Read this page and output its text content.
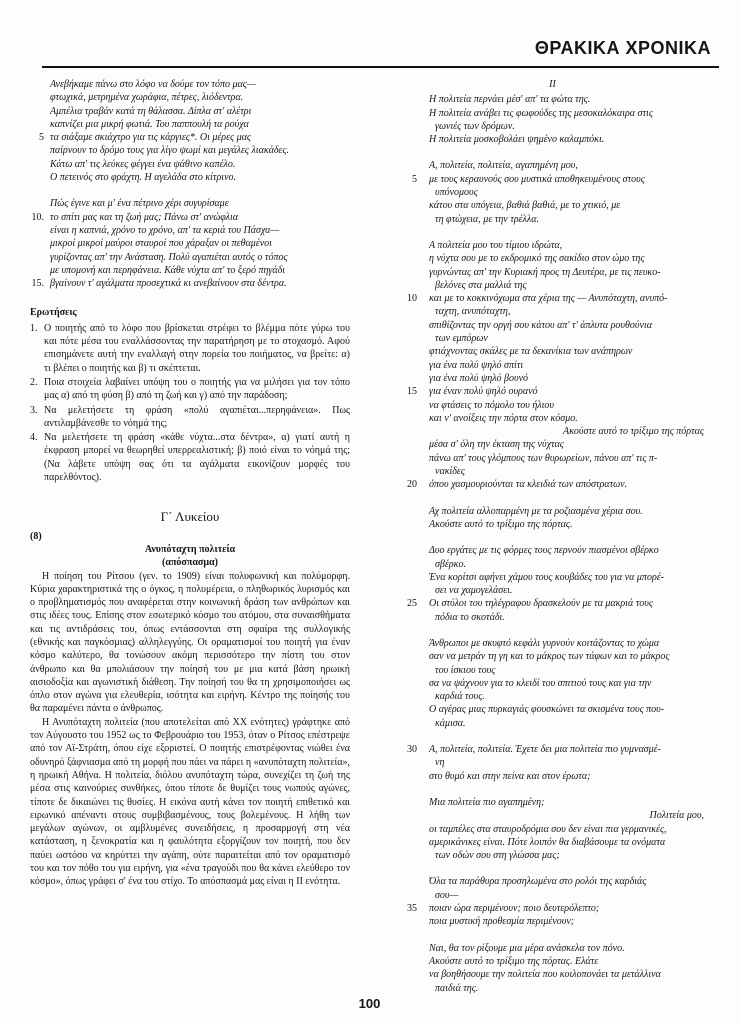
ΘΡΑΚΙΚΑ ΧΡΟΝΙΚΑ
Ανεβήκαμε πάνω στο λόφο να δούμε τον τόπο μας—
φτωχικά, μετρημένα χωράφια, πέτρες, λιόδεντρα.
Αμπέλια τραβάν κατά τη θάλασσα. Δίπλα στ' αλέτρι
καπνίζει μια μικρή φωτιά. Του παππουλή τα ρούχα
5 τα σιάξαμε σκιάχτρο για τις κάργιες*. Οι μέρες μας
παίρνουν το δρόμο τους για λίγο ψωμί και μεγάλες λιακάδες.
Κάτω απ' τις λεύκες φέγγει ένα ψάθινο καπέλο.
Ο πετεινός στο φράχτη. Η αγελάδα στο κίτρινο.
Πώς έγινε και μ' ένα πέτρινο χέρι συγυρίσαμε
10. το σπίτι μας και τη ζωή μας; Πάνω στ' ανώφλια
είναι η καπνιά, χρόνο το χρόνο, απ' τα κεριά του Πάσχα—
μικροί μικροί μαύροι σταυροί που χάραξαν οι πεθαμένοι
γυρίζοντας απ' την Ανάσταση. Πολύ αγαπιέται αυτός ο τόπος
με υπομονή και περηφάνεια. Κάθε νύχτα απ' το ξερό πηγάδι
15. βγαίνουν τ' αγάλματα προσεχτικά κι ανεβαίνουν στα δέντρα.
Ερωτήσεις
1. Ο ποιητής από το λόφο που βρίσκεται στρέφει το βλέμμα πότε γύρω του και πότε μέσα του εναλλάσσοντας την παρατήρηση με το στοχασμό. Αφού επισημάνετε αυτή την εναλλαγή στην πορεία του ποιήματος, να βρείτε: α) τι βλέπει ο ποιητής και β) τι σκέπτεται.
2. Ποια στοιχεία λαβαίνει υπόψη του ο ποιητής για να μιλήσει για τον τόπο μας α) από τη φύση β) από τη ζωή και γ) από την παράδοση;
3. Να μελετήσετε τη φράση «πολύ αγαπιέται...περηφάνεια». Πως αντιλαμβάνεσθε το νόημά της;
4. Να μελετήσετε τη φράση «κάθε νύχτα...στα δέντρα», α) γιατί αυτή η έκφραση μπορεί να θεωρηθεί υπερρεαλιστική; β) ποιό είναι το νόημά της; (Να λάβετε υπόψη σας ότι τα αγάλματα εικονίζουν μορφές του παρελθόντος).
Γ΄ Λυκείου
(8)
Ανυπόταχτη πολιτεία
(απόσπασμα)

Η ποίηση του Ρίτσου (γεν. το 1909) είναι πολυφωνική και πολύμορφη. Κύρια χαρακτηριστικά της ο όγκος, η πολυμέρεια, ο πληθωρικός λυρισμός και ο προβληματισμός που αναφέρεται στην κοινωνική δράση των ανθρώπων και στις ιδέες τους. Επίσης στον εσωτερικό κόσμο του ατόμου, στα συναισθήματα και τις αντιδράσεις του, όπως εντάσσονται στη σφαίρα της συλλογικής (εθνικής και παγκόσμιας) αλληλεγγύης. Οι οραματισμοί του ποιητή για έναν κόσμο καλύτερο, θα τονώσουν ακόμη περισσότερο την πίστη του στον άνθρωπο και θα μπολιάσουν την ποίησή του με μια κατά βάση ηρωική αισιοδοξία και αγωνιστική διάθεση. Την ποίησή του θα τη χρησιμοποιήσει ως όπλο στον αγώνα για ελευθερία, ισότητα και ειρήνη. Κέντρο της ποίησής του θα παραμένει πάντα ο άνθρωπος.

Η Ανυπόταχτη πολιτεία (που αποτελείται από XX ενότητες) γράφτηκε από τον Αύγουστο του 1952 ως το Φεβρουάριο του 1953, όταν ο Ρίτσος επέστρεψε από τον Αϊ-Στράτη, όπου είχε εξοριστεί. Ο ποιητής επιστρέφοντας νιώθει ένα οδυνηρό ξάφνιασμα από τη μορφή που πάει να πάρει η «ανυπόταχτη πολιτεία», η ηρωική Αθήνα. Η πολιτεία, διόλου ανυπόταχτη τώρα, συνεχίζει τη ζωή της μέσα στις καινούριες συνθήκες, όπου τίποτε δε θυμίζει τους νωπούς αγώνες, τίποτε δε δικαιώνει τις θυσίες. Η εικόνα αυτή κάνει τον ποιητή επιθετικό και ειρωνικό απέναντι στους συμβιβασμένους, τους βολεμένους. Η λήθη των μεγάλων αγώνων, οι αμβλυμένες συνειδήσεις, η προσαρμογή στη νέα κατάσταση, η ξενοκρατία και η φαυλότητα εξοργίζουν τον ποιητή, που δεν παύει ωστόσο να κηρύττει την αγάπη, ούτε παραιτείται από τον οραματισμό του και τον πόθο του για ειρήνη, για «ένα τραγούδι που θα κάνει ελεύθερο τον κόσμο», όπως γράφει σ' ένα του στίχο. Το απόσπασμά μας είναι η ΙΙ ενότητα.

ΙΙ
Η πολιτεία περνάει μέσ' απ' τα φώτα της.
Η πολιτεία ανάβει τις φωφούδες της μεσοκαλόκαιρα στις
γωνιές των δρόμων.
Η πολιτεία μοσκοβολάει ψημένο καλαμπόκι.
Α, πολιτεία, πολιτεία, αγαπημένη μου,
5 με τους κεραυνούς σου μυστικά αποθηκευμένους στους
υπόνομους
κάτου στα υπόγεια, βαθιά βαθιά, με το χτικιό, με
τη φτώχεια, με την τρέλλα.
Α πολιτεία μου του τίμιου ιδρώτα,
η νύχτα σου με το εκδρομικό της σακίδιο στον ώμο της
γυρνώντας απ' την Κυριακή προς τη Δευτέρα, με τις πευκο-
βελόνες στα μαλλιά της
10 και με το κοκκινόχωμα στα χέρια της — Ανυπόταχτη, ανυπό-
ταχτη, ανυπόταχτη,
σπιθίζοντας την οργή σου κάτου απ' τ' άπλυτα ρουθούνια
των εμπόρων
φτιάχνοντας σκάλες με τα δεκανίκια των ανάπηρων
για ένα πολύ ψηλό σπίτι
για ένα πολύ ψηλό βουνό
15 για έναν πολύ ψηλό ουρανό
να φτάσεις το πόμολο του ήλιου
και ν' ανοίξεις την πόρτα στον κόσμο.
Ακούστε αυτό το τρίξιμο της πόρτας
μέσα σ' όλη την έκταση της νύχτας
πάνω απ' τους γλόμπους των θυρωρείων, πάνου απ' τις π-
νακίδες
20 όπου χασμουριούνται τα κλειδιά των απόστρατων.
Αχ πολιτεία αλλοπαρμένη με τα ροζιασμένα χέρια σου.
Ακούστε αυτό το τρίξιμο της πόρτας.
Δυο εργάτες με τις φόρμες τους περνούν πιασμένοι σβέρκο
σβέρκο.
Ένα κορίτσι αφήνει χάμου τους κουβάδες του για να μπορέ-
σει να χαμογελάσει.
25 Οι στύλοι του τηλέγραφου δρασκελούν με τα μακριά τους
πόδια το σκοτάδι.
Άνθρωποι με σκυφτό κεφάλι γυρνούν κοιτάζοντας το χώμα
σαν να μετράν τη γη και το μάκρος των τάφων και το μάκρος
του ίσκιου τους
σα να ψάχνουν για το κλειδί του σπιτιού τους και για την
καρδιά τους.
Ο αγέρας μιας πυρκαγιάς φουσκώνει τα σκισμένα τους που-
κάμισα.
30 Α, πολιτεία, πολιτεία. Έχετε δει μια πολιτεία πιο γυμνασμέ-
νη
στο θυμό και στην πείνα και στον έρωτα;
Μια πολιτεία πιο αγαπημένη;
Πολιτεία μου,
οι ταμπέλες στα σταυροδρόμια σου δεν είναι πια γερμανικές,
αμερικάνικες είναι. Πότε λοιπόν θα διαβάσουμε τα ονόματα
των οδών σου στη γλώσσα μας;
Όλα τα παράθυρα προσηλωμένα στο ρολόι της καρδιάς
σου—
35 ποιαν ώρα περιμένουν; ποιο δευτερόλεπτο;
ποια μυστική προθεσμία περιμένουν;
Ναι, θα τον ρίξουμε μια μέρα ανάσκελα τον πόνο.
Ακούστε αυτό το τρίξιμο της πόρτας. Ελάτε
να βοηθήσουμε την πολιτεία που κοιλοπονάει τα μετάλλινα
παιδιά της.
100
